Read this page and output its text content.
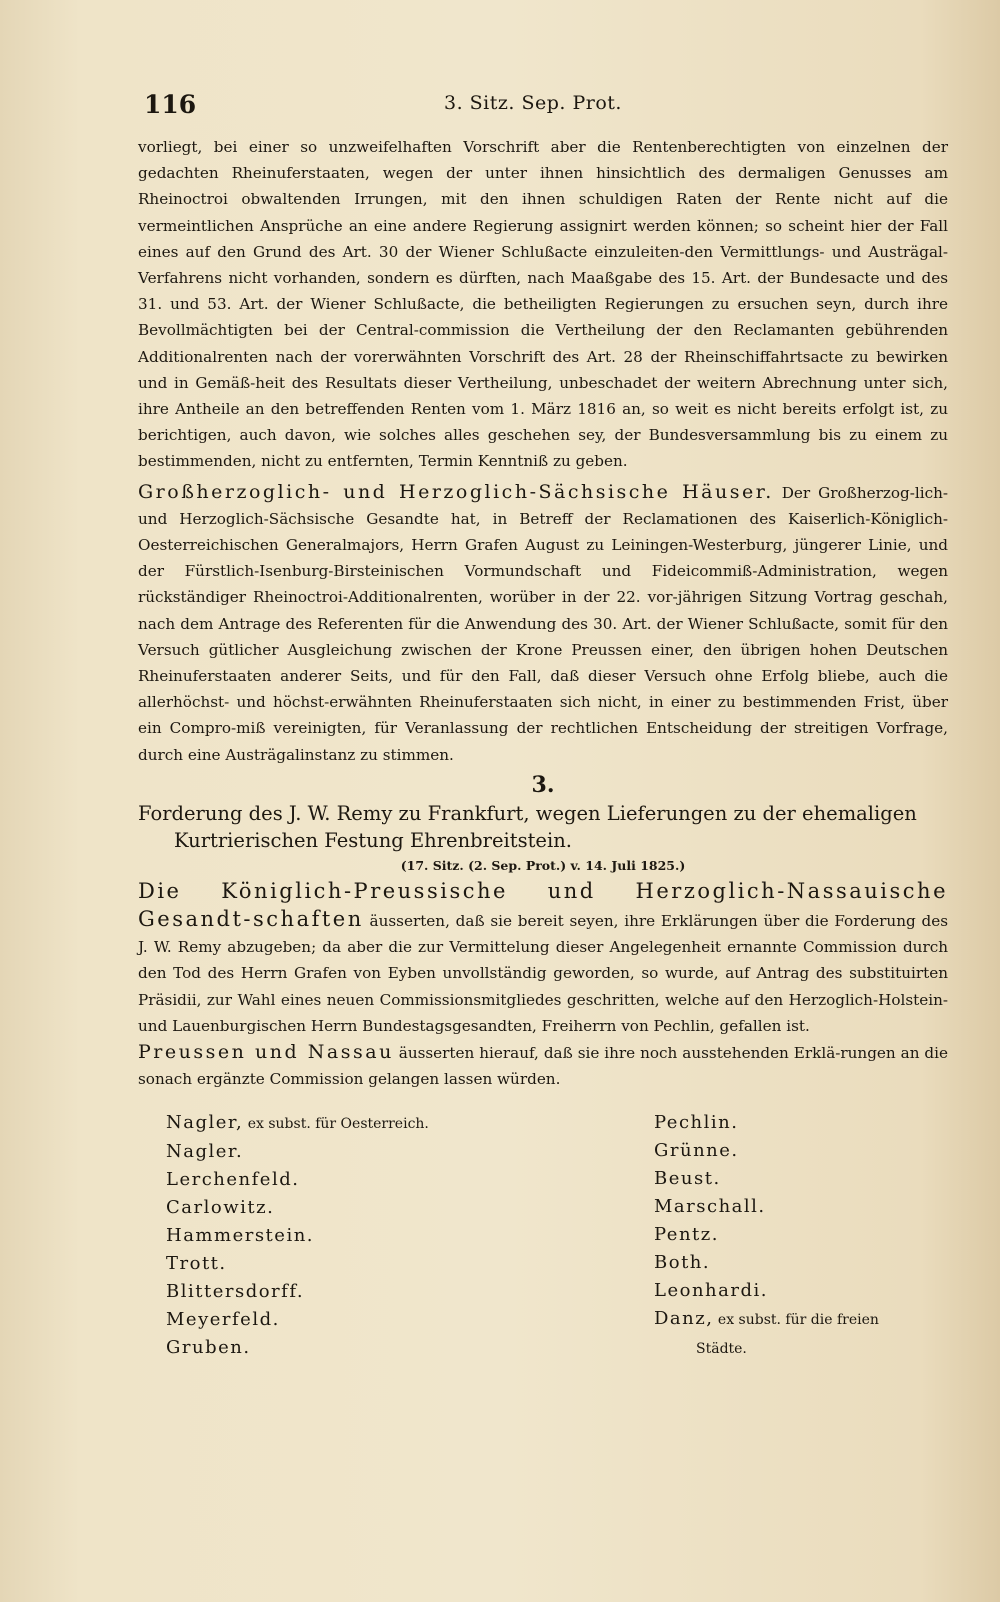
116	3. Sitz. Sep. Prot.

vorliegt, bei einer so unzweifelhaften Vorschrift aber die Rentenberechtigten von einzelnen der gedachten Rheinuferstaaten, wegen der unter ihnen hinsichtlich des dermaligen Genusses am Rheinoctroi obwaltenden Irrungen, mit den ihnen schuldigen Raten der Rente nicht auf die vermeintlichen Ansprüche an eine andere Regierung assignirt werden können; so scheint hier der Fall eines auf den Grund des Art. 30 der Wiener Schlußacte einzuleiten-den Vermittlungs- und Austrägal-Verfahrens nicht vorhanden, sondern es dürften, nach Maaßgabe des 15. Art. der Bundesacte und des 31. und 53. Art. der Wiener Schlußacte, die betheiligten Regierungen zu ersuchen seyn, durch ihre Bevollmächtigten bei der Central-commission die Vertheilung der den Reclamanten gebührenden Additionalrenten nach der vorerwähnten Vorschrift des Art. 28 der Rheinschiffahrtsacte zu bewirken und in Gemäß-heit des Resultats dieser Vertheilung, unbeschadet der weitern Abrechnung unter sich, ihre Antheile an den betreffenden Renten vom 1. März 1816 an, so weit es nicht bereits erfolgt ist, zu berichtigen, auch davon, wie solches alles geschehen sey, der Bundesversammlung bis zu einem zu bestimmenden, nicht zu entfernten, Termin Kenntniß zu geben.

Großherzoglich- und Herzoglich-Sächsische Häuser. Der Großherzog-lich- und Herzoglich-Sächsische Gesandte hat, in Betreff der Reclamationen des Kaiserlich-Königlich-Oesterreichischen Generalmajors, Herrn Grafen August zu Leiningen-Westerburg, jüngerer Linie, und der Fürstlich-Isenburg-Birsteinischen Vormundschaft und Fideicommiß-Administration, wegen rückständiger Rheinoctroi-Additionalrenten, worüber in der 22. vor-jährigen Sitzung Vortrag geschah, nach dem Antrage des Referenten für die Anwendung des 30. Art. der Wiener Schlußacte, somit für den Versuch gütlicher Ausgleichung zwischen der Krone Preussen einer, den übrigen hohen Deutschen Rheinuferstaaten anderer Seits, und für den Fall, daß dieser Versuch ohne Erfolg bliebe, auch die allerhöchst- und höchst-erwähnten Rheinuferstaaten sich nicht, in einer zu bestimmenden Frist, über ein Compro-miß vereinigten, für Veranlassung der rechtlichen Entscheidung der streitigen Vorfrage, durch eine Austrägalinstanz zu stimmen.

3.
Forderung des J. W. Remy zu Frankfurt, wegen Lieferungen zu der ehemaligen
Kurtrierischen Festung Ehrenbreitstein.
(17. Sitz. (2. Sep. Prot.) v. 14. Juli 1825.)

Die Königlich-Preussische und Herzoglich-Nassauische Gesandt-schaften äusserten, daß sie bereit seyen, ihre Erklärungen über die Forderung des J. W. Remy abzugeben; da aber die zur Vermittelung dieser Angelegenheit ernannte Commission durch den Tod des Herrn Grafen von Eyben unvollständig geworden, so wurde, auf Antrag des substituirten Präsidii, zur Wahl eines neuen Commissionsmitgliedes geschritten, welche auf den Herzoglich-Holstein- und Lauenburgischen Herrn Bundestagsgesandten, Freiherrn von Pechlin, gefallen ist.

Preussen und Nassau äusserten hierauf, daß sie ihre noch ausstehenden Erklä-rungen an die sonach ergänzte Commission gelangen lassen würden.

Nagler, ex subst. für Oesterreich.
Nagler.
Lerchenfeld.
Carlowitz.
Hammerstein.
Trott.
Blittersdorff.
Meyerfeld.
Gruben.
Pechlin.
Grünne.
Beust.
Marschall.
Pentz.
Both.
Leonhardi.
Danz, ex subst. für die freien
Städte.
